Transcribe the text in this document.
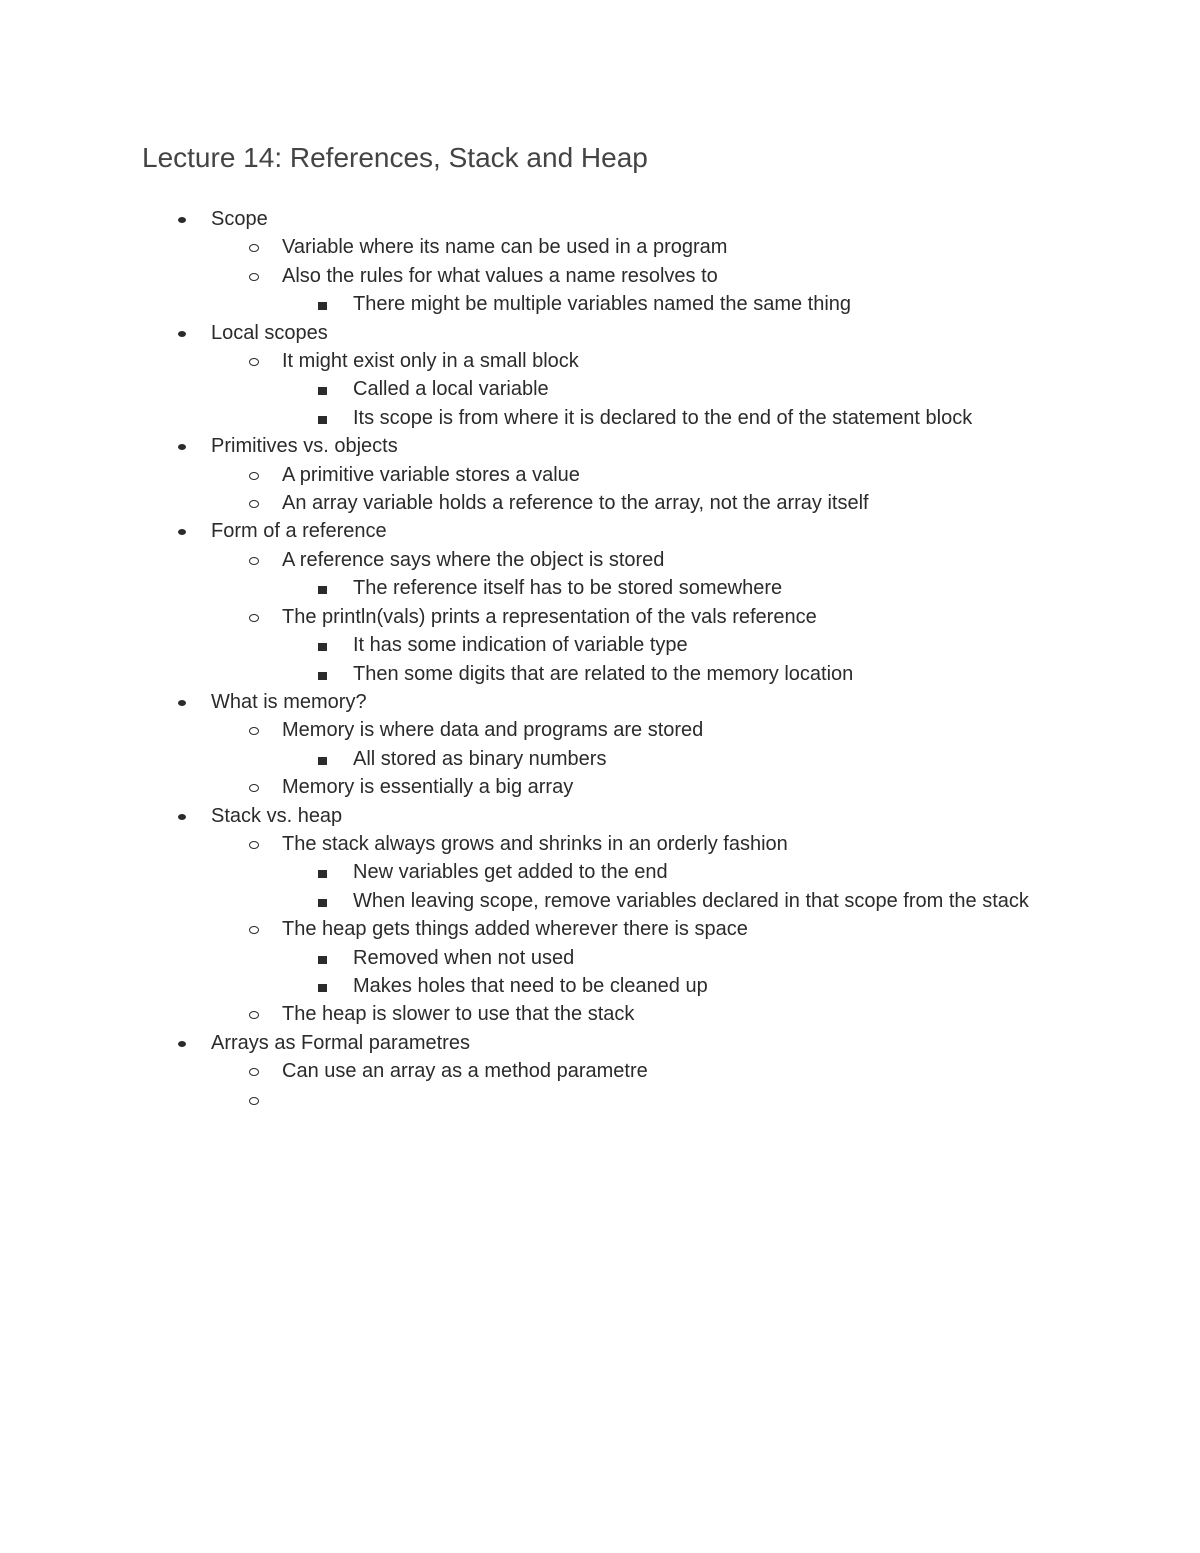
Lecture 14: References, Stack and Heap
Scope
Variable where its name can be used in a program
Also the rules for what values a name resolves to
There might be multiple variables named the same thing
Local scopes
It might exist only in a small block
Called a local variable
Its scope is from where it is declared to the end of the statement block
Primitives vs. objects
A primitive variable stores a value
An array variable holds a reference to the array, not the array itself
Form of a reference
A reference says where the object is stored
The reference itself has to be stored somewhere
The println(vals) prints a representation of the vals reference
It has some indication of variable type
Then some digits that are related to the memory location
What is memory?
Memory is where data and programs are stored
All stored as binary numbers
Memory is essentially a big array
Stack vs. heap
The stack always grows and shrinks in an orderly fashion
New variables get added to the end
When leaving scope, remove variables declared in that scope from the stack
The heap gets things added wherever there is space
Removed when not used
Makes holes that need to be cleaned up
The heap is slower to use that the stack
Arrays as Formal parametres
Can use an array as a method parametre
